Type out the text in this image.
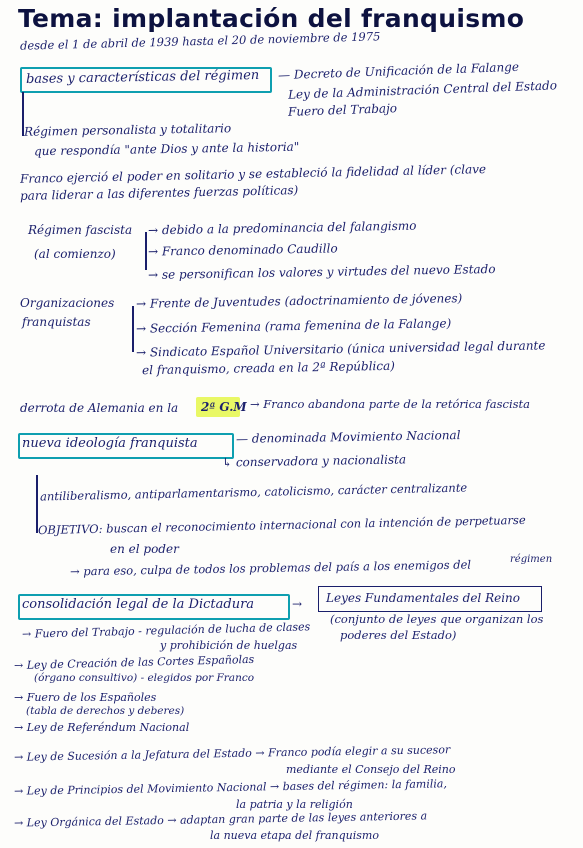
Tema: implantación del franquismo
desde el 1 de abril de 1939 hasta el 20 de noviembre de 1975
bases y características del régimen — Decreto de Unificación de la Falange
Ley de la Administración Central del Estado
Fuero del Trabajo
Régimen personalista y totalitario
que respondía "ante Dios y ante la historia"
Franco ejerció el poder en solitario y se estableció la fidelidad al líder (clave
para liderar a las diferentes fuerzas políticas)
Régimen fascista
(al comienzo)
→ debido a la predominancia del falangismo
→ Franco denominado Caudillo
→ se personifican los valores y virtudes del nuevo Estado
Organizaciones
franquistas
→ Frente de Juventudes (adoctrinamiento de jóvenes)
→ Sección Femenina (rama femenina de la Falange)
→ Sindicato Español Universitario (única universidad legal durante
el franquismo, creada en la 2ª República)
derrota de Alemania en la 2ª G.M → Franco abandona parte de la retórica fascista
nueva ideología franquista	— denominada Movimiento Nacional
↳ conservadora y nacionalista
antiliberalismo, antiparlamentarismo, catolicismo, carácter centralizante
OBJETIVO: buscan el reconocimiento internacional con la intención de perpetuarse
en el poder
→ para eso, culpa de todos los problemas del país a los enemigos del	régimen
consolidación legal de la Dictadura	→ Leyes Fundamentales del Reino
(conjunto de leyes que organizan los
poderes del Estado)
→ Fuero del Trabajo - regulación de lucha de clases
y prohibición de huelgas
→ Ley de Creación de las Cortes Españolas
(órgano consultivo) - elegidos por Franco
→ Fuero de los Españoles
(tabla de derechos y deberes)
→ Ley de Referéndum Nacional
→ Ley de Sucesión a la Jefatura del Estado → Franco podía elegir a su sucesor
mediante el Consejo del Reino
→ Ley de Principios del Movimiento Nacional → bases del régimen: la familia,
la patria y la religión
→ Ley Orgánica del Estado → adaptan gran parte de las leyes anteriores a
la nueva etapa del franquismo
